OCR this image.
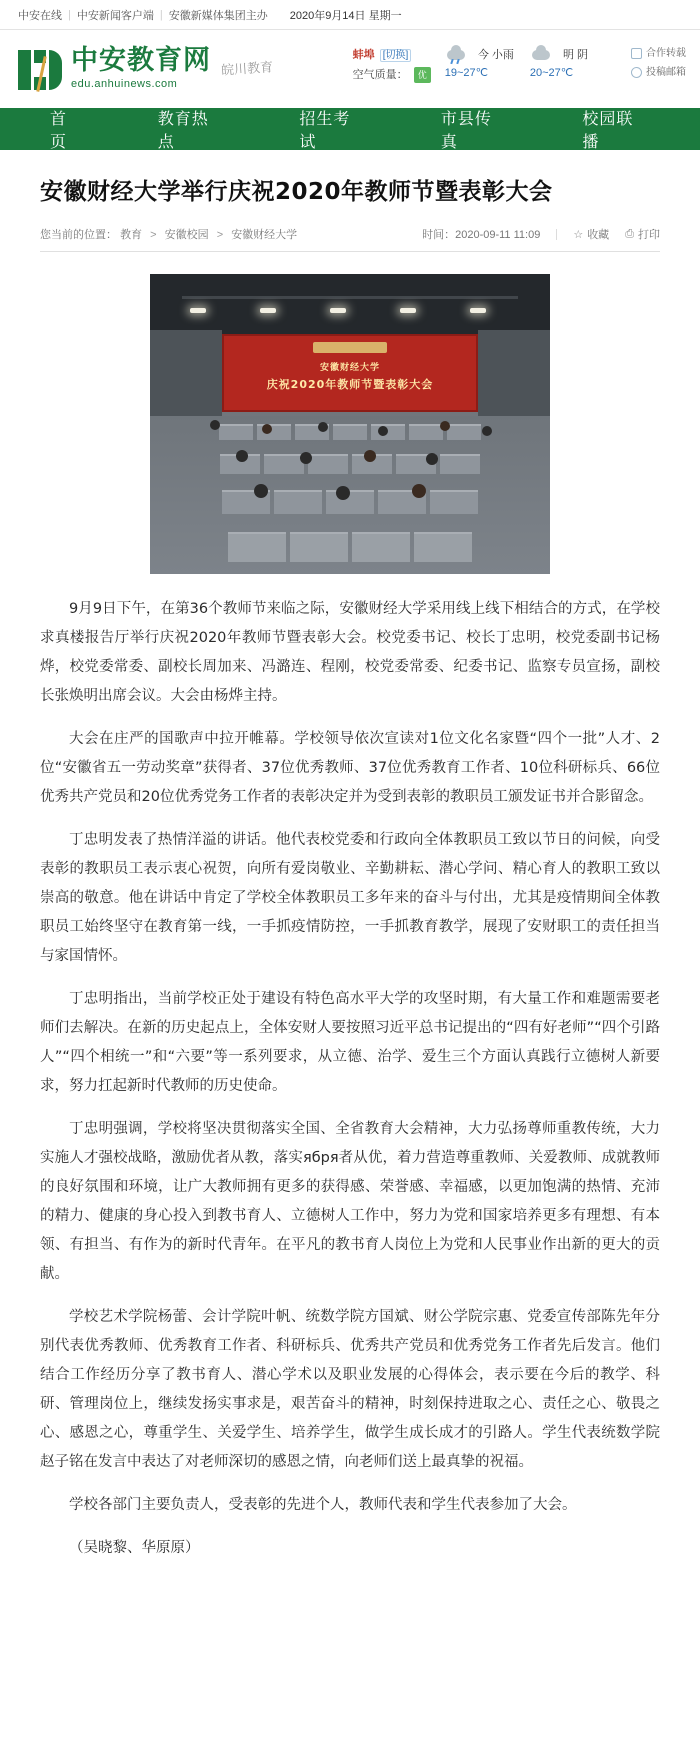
中安在线 | 中安新闻客户端 | 安徽新媒体集团主办 2020年9月14日 星期一
中安教育网
edu.anhuinews.com
皖川教育
蚌埠 [切换]
空气质量： 优
今 小雨
19~27℃
明 阴
20~27℃
合作转载
投稿邮箱
首页
教育热点
招生考试
市县传真
校园联播
安徽财经大学举行庆祝2020年教师节暨表彰大会
您当前的位置： 教育 > 安徽校园 > 安徽财经大学	时间：2020-09-11 11:09	☆ 收藏 ⎙ 打印
安徽财经大学
庆祝2020年教师节暨表彰大会

9月9日下午，在第36个教师节来临之际，安徽财经大学采用线上线下相结合的方式，在学校求真楼报告厅举行庆祝2020年教师节暨表彰大会。校党委书记、校长丁忠明，校党委副书记杨烨，校党委常委、副校长周加来、冯潞连、程刚，校党委常委、纪委书记、监察专员宣扬，副校长张焕明出席会议。大会由杨烨主持。

大会在庄严的国歌声中拉开帷幕。学校领导依次宣读对1位文化名家暨“四个一批”人才、2位“安徽省五一劳动奖章”获得者、37位优秀教师、37位优秀教育工作者、10位科研标兵、66位优秀共产党员和20位优秀党务工作者的表彰决定并为受到表彰的教职员工颁发证书并合影留念。

丁忠明发表了热情洋溢的讲话。他代表校党委和行政向全体教职员工致以节日的问候，向受表彰的教职员工表示衷心祝贺，向所有爱岗敬业、辛勤耕耘、潜心学问、精心育人的教职工致以崇高的敬意。他在讲话中肯定了学校全体教职员工多年来的奋斗与付出，尤其是疫情期间全体教职员工始终坚守在教育第一线，一手抓疫情防控，一手抓教育教学，展现了安财职工的责任担当与家国情怀。

丁忠明指出，当前学校正处于建设有特色高水平大学的攻坚时期，有大量工作和难题需要老师们去解决。在新的历史起点上，全体安财人要按照习近平总书记提出的“四有好老师”“四个引路人”“四个相统一”和“六要”等一系列要求，从立德、治学、爱生三个方面认真践行立德树人新要求，努力扛起新时代教师的历史使命。

丁忠明强调，学校将坚决贯彻落实全国、全省教育大会精神，大力弘扬尊师重教传统，大力实施人才强校战略，激励优者从教，落实ября者从优，着力营造尊重教师、关爱教师、成就教师的良好氛围和环境，让广大教师拥有更多的获得感、荣誉感、幸福感，以更加饱满的热情、充沛的精力、健康的身心投入到教书育人、立德树人工作中，努力为党和国家培养更多有理想、有本领、有担当、有作为的新时代青年。在平凡的教书育人岗位上为党和人民事业作出新的更大的贡献。

学校艺术学院杨蕾、会计学院叶帆、统数学院方国斌、财公学院宗惠、党委宣传部陈先年分别代表优秀教师、优秀教育工作者、科研标兵、优秀共产党员和优秀党务工作者先后发言。他们结合工作经历分享了教书育人、潜心学术以及职业发展的心得体会，表示要在今后的教学、科研、管理岗位上，继续发扬实事求是，艰苦奋斗的精神，时刻保持进取之心、责任之心、敬畏之心、感恩之心，尊重学生、关爱学生、培养学生，做学生成长成才的引路人。学生代表统数学院赵子铭在发言中表达了对老师深切的感恩之情，向老师们送上最真挚的祝福。

学校各部门主要负责人，受表彰的先进个人，教师代表和学生代表参加了大会。

（吴晓黎、华原原）
